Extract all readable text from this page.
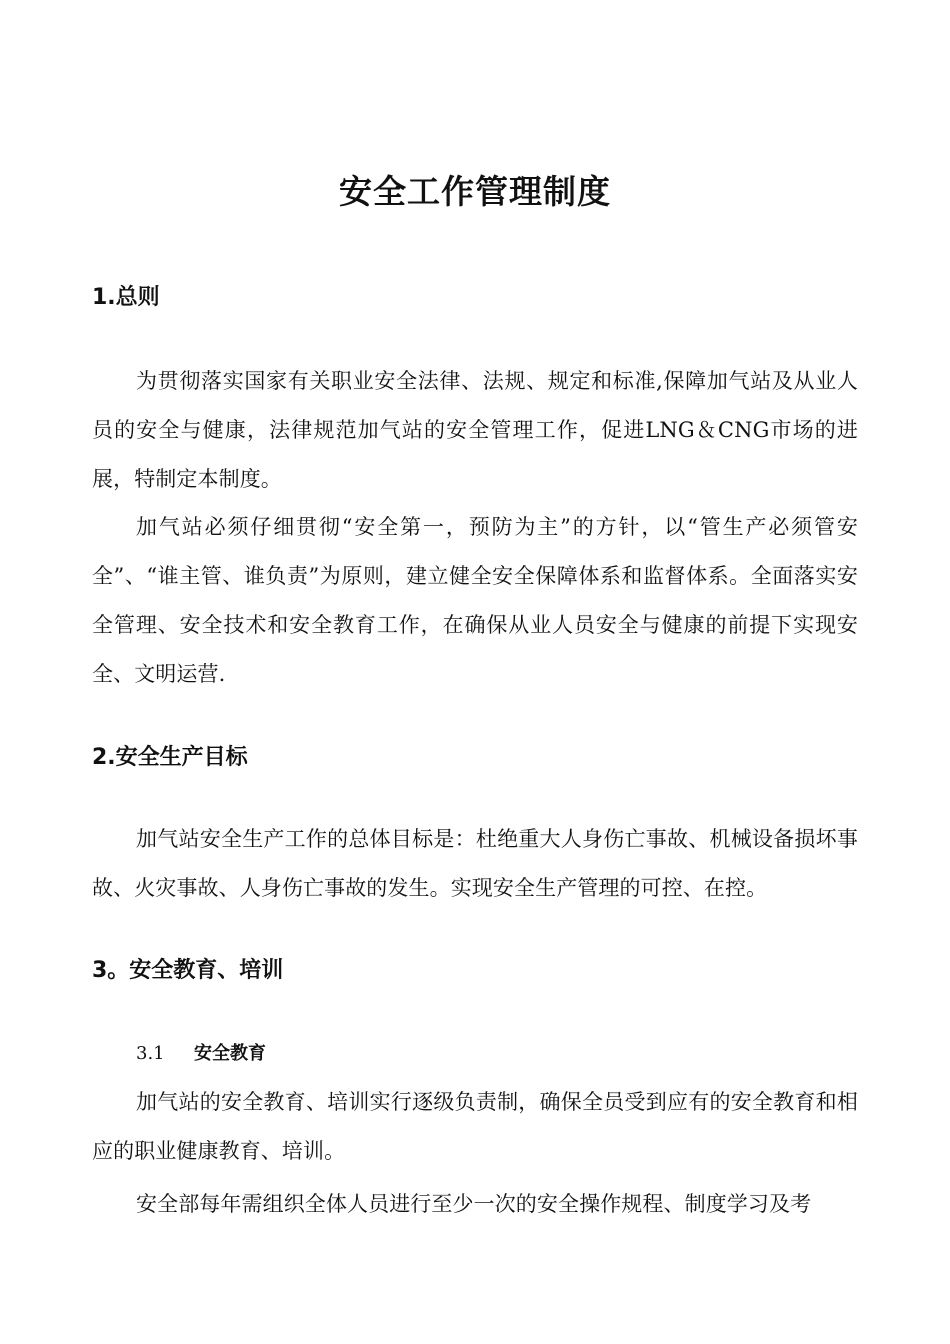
安全工作管理制度
1.总则

为贯彻落实国家有关职业安全法律、法规、规定和标准,保障加气站及从业人员的安全与健康，法律规范加气站的安全管理工作，促进LNG＆CNG市场的进展，特制定本制度。

加气站必须仔细贯彻“安全第一，预防为主”的方针，以“管生产必须管安全”、“谁主管、谁负责”为原则，建立健全安全保障体系和监督体系。全面落实安全管理、安全技术和安全教育工作，在确保从业人员安全与健康的前提下实现安全、文明运营.

2.安全生产目标

加气站安全生产工作的总体目标是：杜绝重大人身伤亡事故、机械设备损坏事故、火灾事故、人身伤亡事故的发生。实现安全生产管理的可控、在控。

3。安全教育、培训
3.1 安全教育

加气站的安全教育、培训实行逐级负责制，确保全员受到应有的安全教育和相应的职业健康教育、培训。

安全部每年需组织全体人员进行至少一次的安全操作规程、制度学习及考
